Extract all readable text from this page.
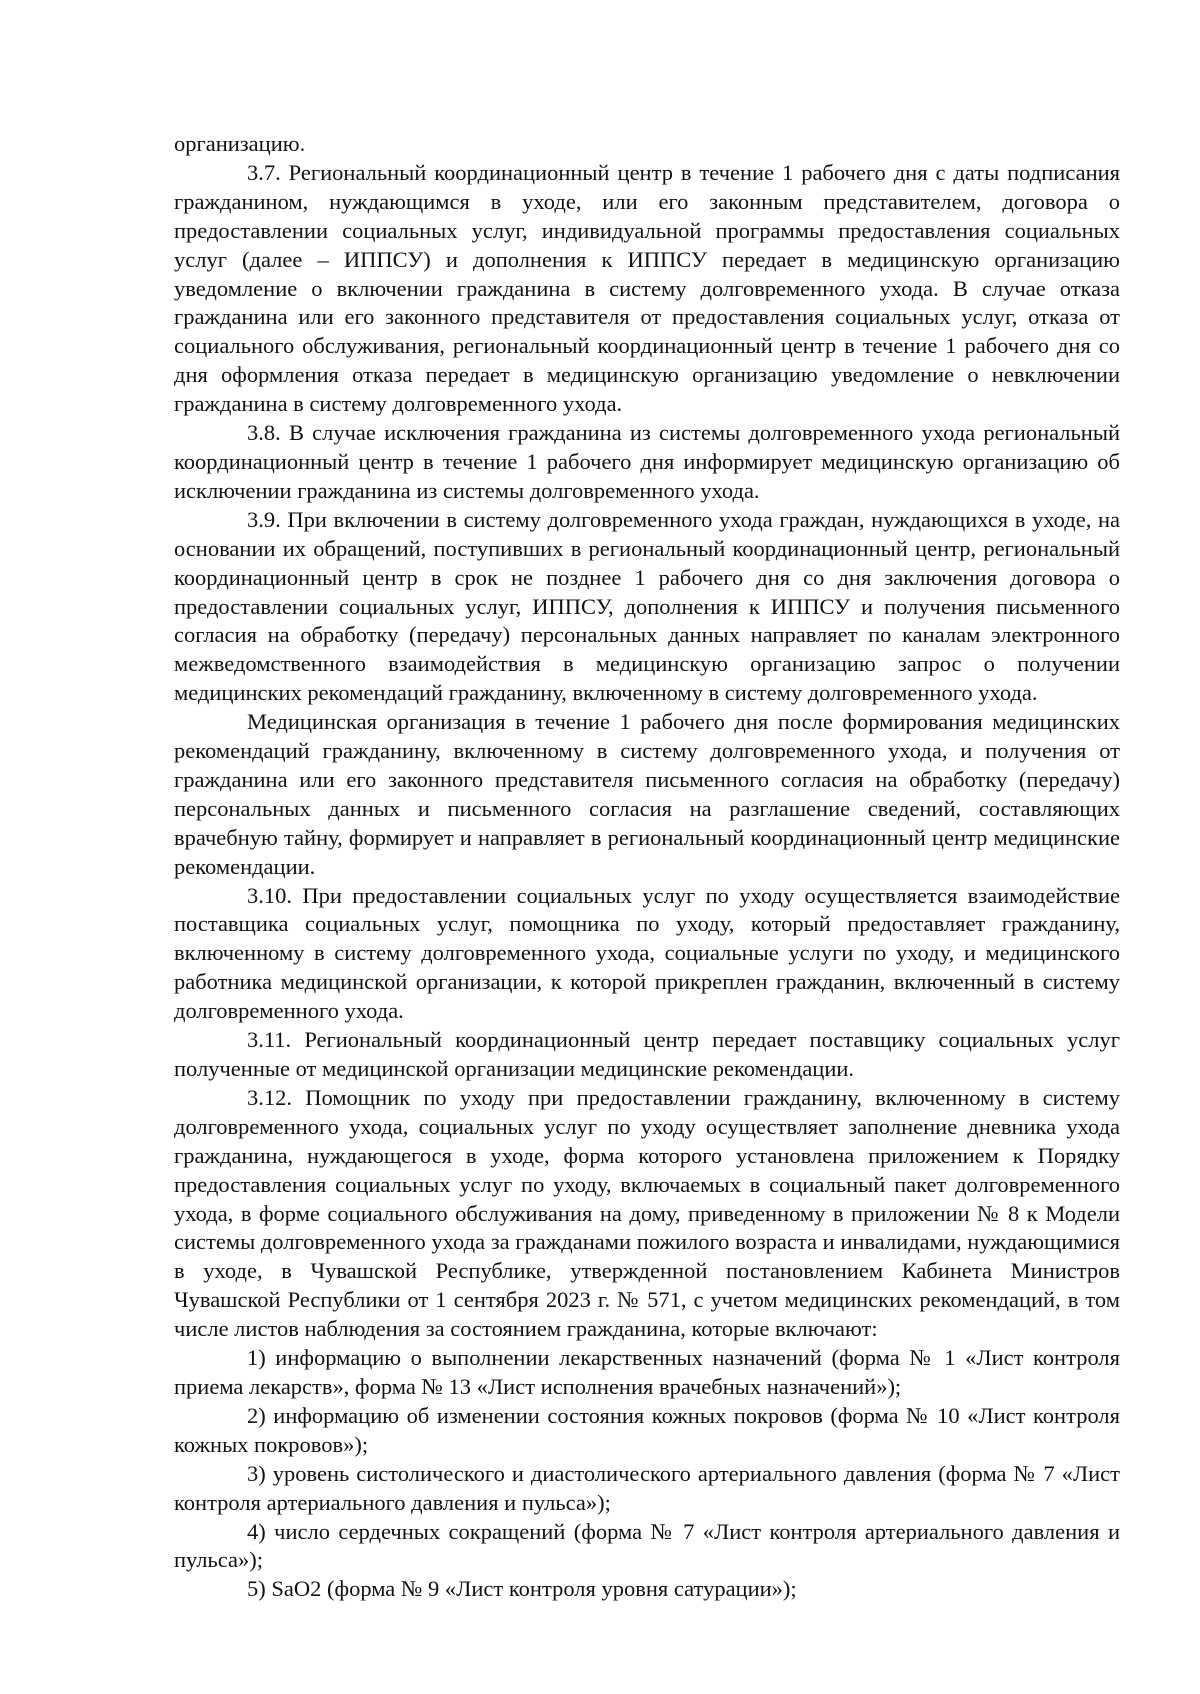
организацию.

3.7. Региональный координационный центр в течение 1 рабочего дня с даты подписания гражданином, нуждающимся в уходе, или его законным представителем, договора о предоставлении социальных услуг, индивидуальной программы предоставления социальных услуг (далее – ИППСУ) и дополнения к ИППСУ передает в медицинскую организацию уведомление о включении гражданина в систему долговременного ухода. В случае отказа гражданина или его законного представителя от предоставления социальных услуг, отказа от социального обслуживания, региональный координационный центр в течение 1 рабочего дня со дня оформления отказа передает в медицинскую организацию уведомление о невключении гражданина в систему долговременного ухода.

3.8. В случае исключения гражданина из системы долговременного ухода региональный координационный центр в течение 1 рабочего дня информирует медицинскую организацию об исключении гражданина из системы долговременного ухода.

3.9. При включении в систему долговременного ухода граждан, нуждающихся в уходе, на основании их обращений, поступивших в региональный координационный центр, региональный координационный центр в срок не позднее 1 рабочего дня со дня заключения договора о предоставлении социальных услуг, ИППСУ, дополнения к ИППСУ и получения письменного согласия на обработку (передачу) персональных данных направляет по каналам электронного межведомственного взаимодействия в медицинскую организацию запрос о получении медицинских рекомендаций гражданину, включенному в систему долговременного ухода.

Медицинская организация в течение 1 рабочего дня после формирования медицинских рекомендаций гражданину, включенному в систему долговременного ухода, и получения от гражданина или его законного представителя письменного согласия на обработку (передачу) персональных данных и письменного согласия на разглашение сведений, составляющих врачебную тайну, формирует и направляет в региональный координационный центр медицинские рекомендации.

3.10. При предоставлении социальных услуг по уходу осуществляется взаимодействие поставщика социальных услуг, помощника по уходу, который предоставляет гражданину, включенному в систему долговременного ухода, социальные услуги по уходу, и медицинского работника медицинской организации, к которой прикреплен гражданин, включенный в систему долговременного ухода.

3.11. Региональный координационный центр передает поставщику социальных услуг полученные от медицинской организации медицинские рекомендации.

3.12. Помощник по уходу при предоставлении гражданину, включенному в систему долговременного ухода, социальных услуг по уходу осуществляет заполнение дневника ухода гражданина, нуждающегося в уходе, форма которого установлена приложением к Порядку предоставления социальных услуг по уходу, включаемых в социальный пакет долговременного ухода, в форме социального обслуживания на дому, приведенному в приложении № 8 к Модели системы долговременного ухода за гражданами пожилого возраста и инвалидами, нуждающимися в уходе, в Чувашской Республике, утвержденной постановлением Кабинета Министров Чувашской Республики от 1 сентября 2023 г. № 571, с учетом медицинских рекомендаций, в том числе листов наблюдения за состоянием гражданина, которые включают:

1) информацию о выполнении лекарственных назначений (форма № 1 «Лист контроля приема лекарств», форма № 13 «Лист исполнения врачебных назначений»);

2) информацию об изменении состояния кожных покровов (форма № 10 «Лист контроля кожных покровов»);

3) уровень систолического и диастолического артериального давления (форма № 7 «Лист контроля артериального давления и пульса»);

4) число сердечных сокращений (форма № 7 «Лист контроля артериального давления и пульса»);

5) SaO2 (форма № 9 «Лист контроля уровня сатурации»);
